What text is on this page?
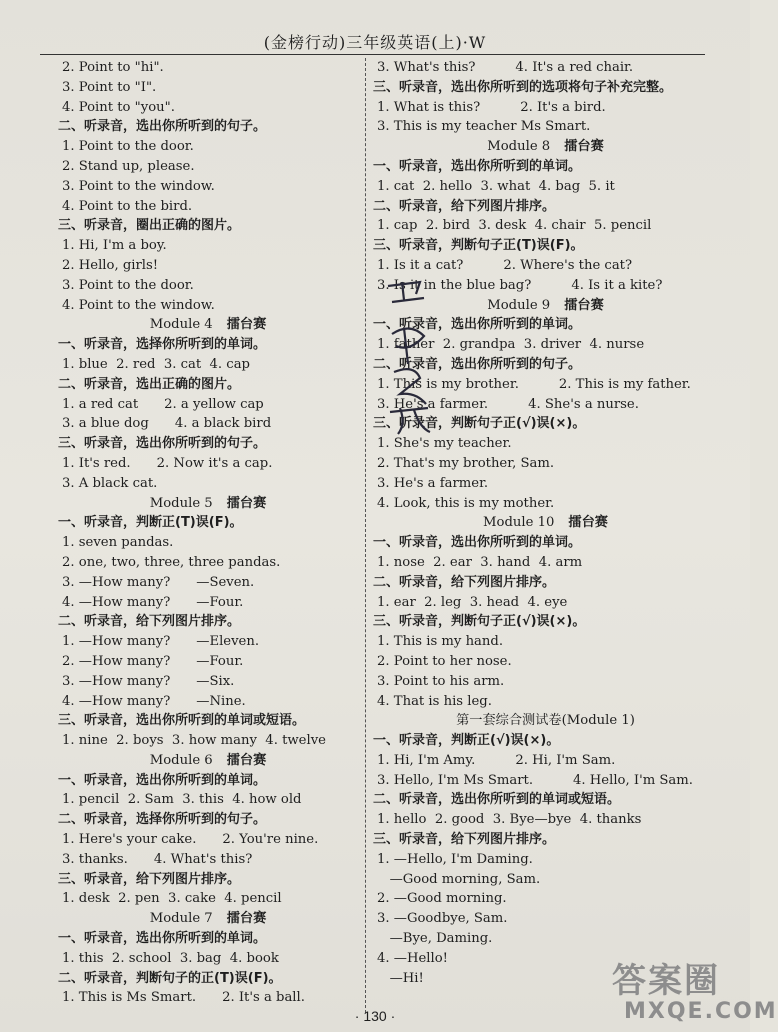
(金榜行动)三年级英语(上)·W
2. Point to "hi".
3. Point to "I".
4. Point to "you".
二、听录音，选出你所听到的句子。
1. Point to the door.
2. Stand up, please.
3. Point to the window.
4. Point to the bird.
三、听录音，圈出正确的图片。
1. Hi, I'm a boy.
2. Hello, girls!
3. Point to the door.
4. Point to the window.
Module 4 擂台赛
一、听录音，选择你所听到的单词。
1. blue  2. red  3. cat  4. cap
二、听录音，选出正确的图片。
1. a red cat 2. a yellow cap
3. a blue dog 4. a black bird
三、听录音，选出你所听到的句子。
1. It's red. 2. Now it's a cap.
3. A black cat.
Module 5 擂台赛
一、听录音，判断正(T)误(F)。
1. seven pandas.
2. one, two, three, three pandas.
3. —How many? —Seven.
4. —How many? —Four.
二、听录音，给下列图片排序。
1. —How many? —Eleven.
2. —How many? —Four.
3. —How many? —Six.
4. —How many? —Nine.
三、听录音，选出你所听到的单词或短语。
1. nine  2. boys  3. how many  4. twelve
Module 6 擂台赛
一、听录音，选出你所听到的单词。
1. pencil  2. Sam  3. this  4. how old
二、听录音，选择你所听到的句子。
1. Here's your cake. 2. You're nine.
3. thanks. 4. What's this?
三、听录音，给下列图片排序。
1. desk  2. pen  3. cake  4. pencil
Module 7 擂台赛
一、听录音，选出你所听到的单词。
1. this  2. school  3. bag  4. book
二、听录音，判断句子的正(T)误(F)。
1. This is Ms Smart. 2. It's a ball.
3. What's this?	4. It's a red chair.
三、听录音，选出你所听到的选项将句子补充完整。
1. What is this?	2. It's a bird.
3. This is my teacher Ms Smart.
Module 8 擂台赛
一、听录音，选出你所听到的单词。
1. cat  2. hello  3. what  4. bag  5. it
二、听录音，给下列图片排序。
1. cap  2. bird  3. desk  4. chair  5. pencil
三、听录音，判断句子正(T)误(F)。
1. Is it a cat?	2. Where's the cat?
3. Is it in the blue bag?	4. Is it a kite?
Module 9 擂台赛
一、听录音，选出你所听到的单词。
1. father  2. grandpa  3. driver  4. nurse
二、听录音，选出你所听到的句子。
1. This is my brother.	2. This is my father.
3. He's a farmer.	4. She's a nurse.
三、听录音，判断句子正(√)误(×)。
1. She's my teacher.
2. That's my brother, Sam.
3. He's a farmer.
4. Look, this is my mother.
Module 10 擂台赛
一、听录音，选出你所听到的单词。
1. nose  2. ear  3. hand  4. arm
二、听录音，给下列图片排序。
1. ear  2. leg  3. head  4. eye
三、听录音，判断句子正(√)误(×)。
1. This is my hand.
2. Point to her nose.
3. Point to his arm.
4. That is his leg.
第一套综合测试卷(Module 1)
一、听录音，判断正(√)误(×)。
1. Hi, I'm Amy.	2. Hi, I'm Sam.
3. Hello, I'm Ms Smart.	4. Hello, I'm Sam.
二、听录音，选出你所听到的单词或短语。
1. hello  2. good  3. Bye—bye  4. thanks
三、听录音，给下列图片排序。
1. —Hello, I'm Daming.
—Good morning, Sam.
2. —Good morning.
3. —Goodbye, Sam.
—Bye, Daming.
4. —Hello!
—Hi!
· 130 ·
答案圈
MXQE.COM
